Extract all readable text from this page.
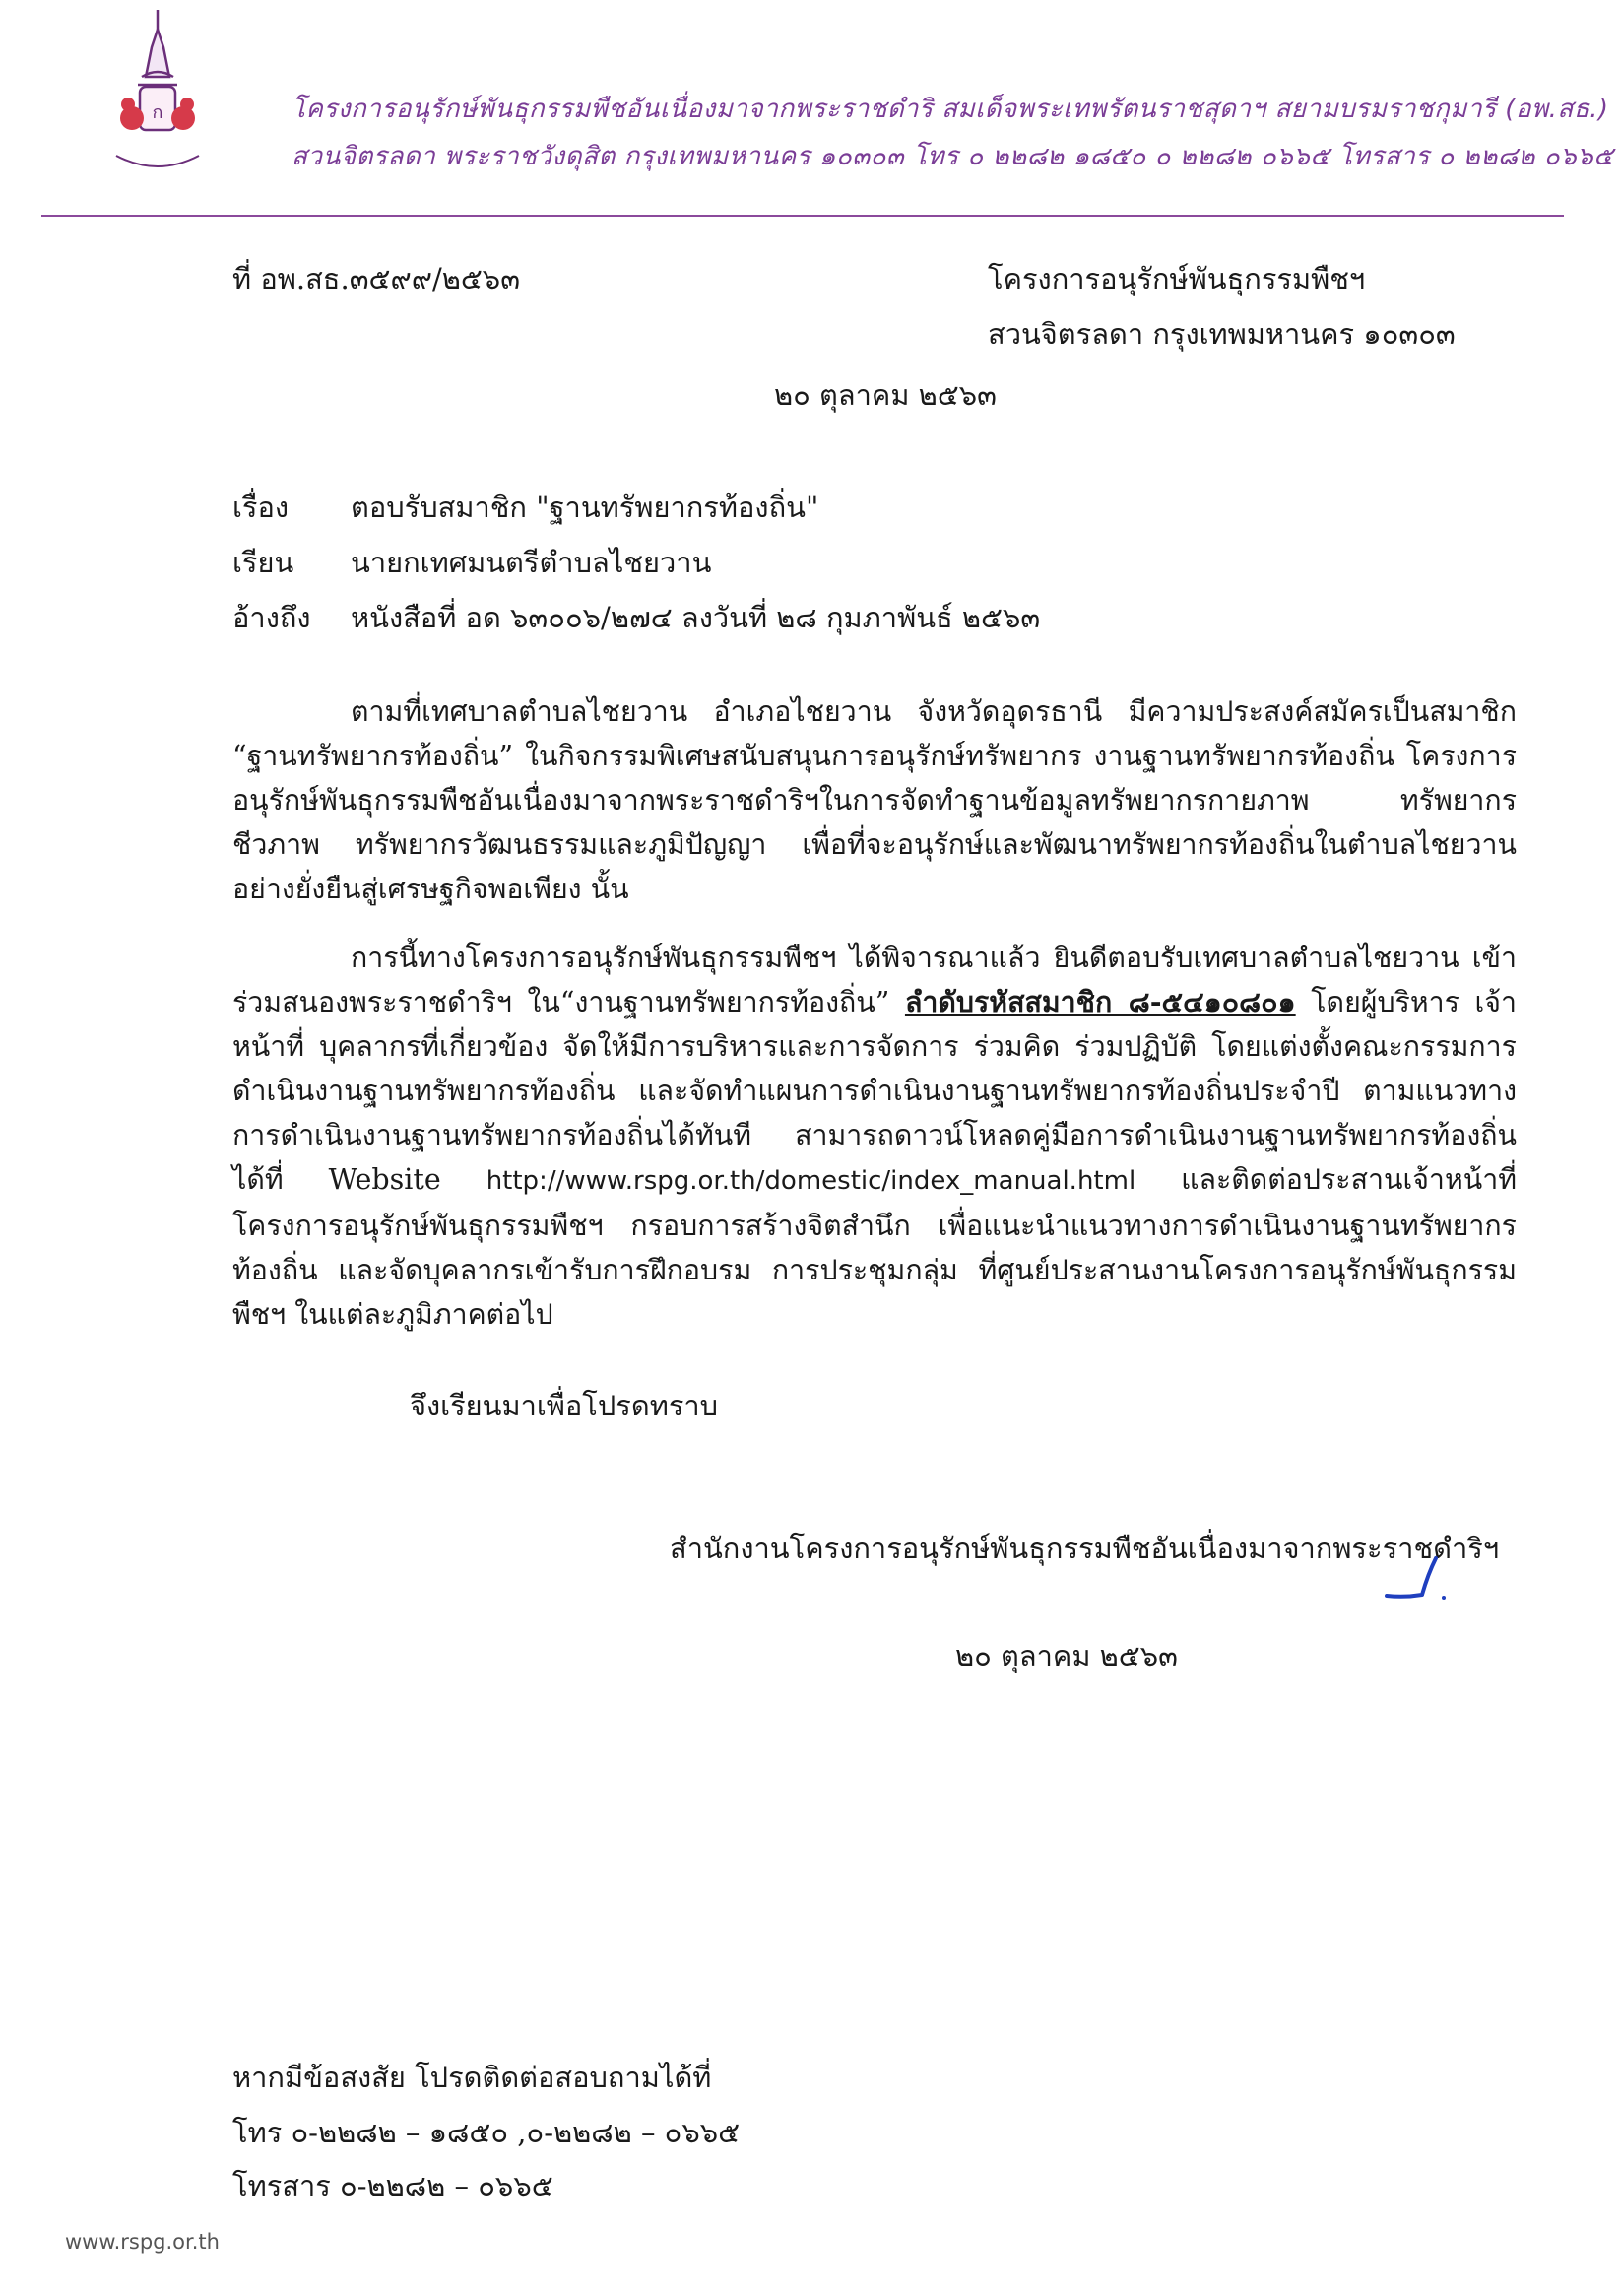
ก	โครงการอนุรักษ์พันธุกรรมพืชอันเนื่องมาจากพระราชดำริ สมเด็จพระเทพรัตนราชสุดาฯ สยามบรมราชกุมารี (อพ.สธ.)
สวนจิตรลดา พระราชวังดุสิต กรุงเทพมหานคร ๑๐๓๐๓ โทร ๐ ๒๒๘๒ ๑๘๕๐ ๐ ๒๒๘๒ ๐๖๖๕ โทรสาร ๐ ๒๒๘๒ ๐๖๖๕
ที่ อพ.สธ.๓๕๙๙/๒๕๖๓	โครงการอนุรักษ์พันธุกรรมพืชฯ
สวนจิตรลดา กรุงเทพมหานคร ๑๐๓๐๓
๒๐ ตุลาคม ๒๕๖๓
เรื่อง ตอบรับสมาชิก "ฐานทรัพยากรท้องถิ่น"
เรียน นายกเทศมนตรีตำบลไชยวาน
อ้างถึง หนังสือที่ อด ๖๓๐๐๖/๒๗๔ ลงวันที่ ๒๘ กุมภาพันธ์ ๒๕๖๓

ตามที่เทศบาลตำบลไชยวาน อำเภอไชยวาน จังหวัดอุดรธานี มีความประสงค์สมัครเป็นสมาชิก “ฐานทรัพยากรท้องถิ่น” ในกิจกรรมพิเศษสนับสนุนการอนุรักษ์ทรัพยากร งานฐานทรัพยากรท้องถิ่น โครงการอนุรักษ์พันธุกรรมพืชอันเนื่องมาจากพระราชดำริฯในการจัดทำฐานข้อมูลทรัพยากรกายภาพ ทรัพยากรชีวภาพ ทรัพยากรวัฒนธรรมและภูมิปัญญา เพื่อที่จะอนุรักษ์และพัฒนาทรัพยากรท้องถิ่นในตำบลไชยวาน อย่างยั่งยืนสู่เศรษฐกิจพอเพียง นั้น

การนี้ทางโครงการอนุรักษ์พันธุกรรมพืชฯ ได้พิจารณาแล้ว ยินดีตอบรับเทศบาลตำบลไชยวาน เข้าร่วมสนองพระราชดำริฯ ใน“งานฐานทรัพยากรท้องถิ่น” ลำดับรหัสสมาชิก ๘-๕๔๑๐๘๐๑ โดยผู้บริหาร เจ้าหน้าที่ บุคลากรที่เกี่ยวข้อง จัดให้มีการบริหารและการจัดการ ร่วมคิด ร่วมปฏิบัติ โดยแต่งตั้งคณะกรรมการดำเนินงานฐานทรัพยากรท้องถิ่น และจัดทำแผนการดำเนินงานฐานทรัพยากรท้องถิ่นประจำปี ตามแนวทางการดำเนินงานฐานทรัพยากรท้องถิ่นได้ทันที สามารถดาวน์โหลดคู่มือการดำเนินงานฐานทรัพยากรท้องถิ่นได้ที่ Website http://www.rspg.or.th/domestic/index_manual.html และติดต่อประสานเจ้าหน้าที่โครงการอนุรักษ์พันธุกรรมพืชฯ กรอบการสร้างจิตสำนึก เพื่อแนะนำแนวทางการดำเนินงานฐานทรัพยากรท้องถิ่น และจัดบุคลากรเข้ารับการฝึกอบรม การประชุมกลุ่ม ที่ศูนย์ประสานงานโครงการอนุรักษ์พันธุกรรมพืชฯ ในแต่ละภูมิภาคต่อไป

จึงเรียนมาเพื่อโปรดทราบ
สำนักงานโครงการอนุรักษ์พันธุกรรมพืชอันเนื่องมาจากพระราชดำริฯ
๒๐ ตุลาคม ๒๕๖๓
หากมีข้อสงสัย โปรดติดต่อสอบถามได้ที่
โทร ๐-๒๒๘๒ – ๑๘๕๐ ,๐-๒๒๘๒ – ๐๖๖๕
โทรสาร ๐-๒๒๘๒ – ๐๖๖๕
www.rspg.or.th
